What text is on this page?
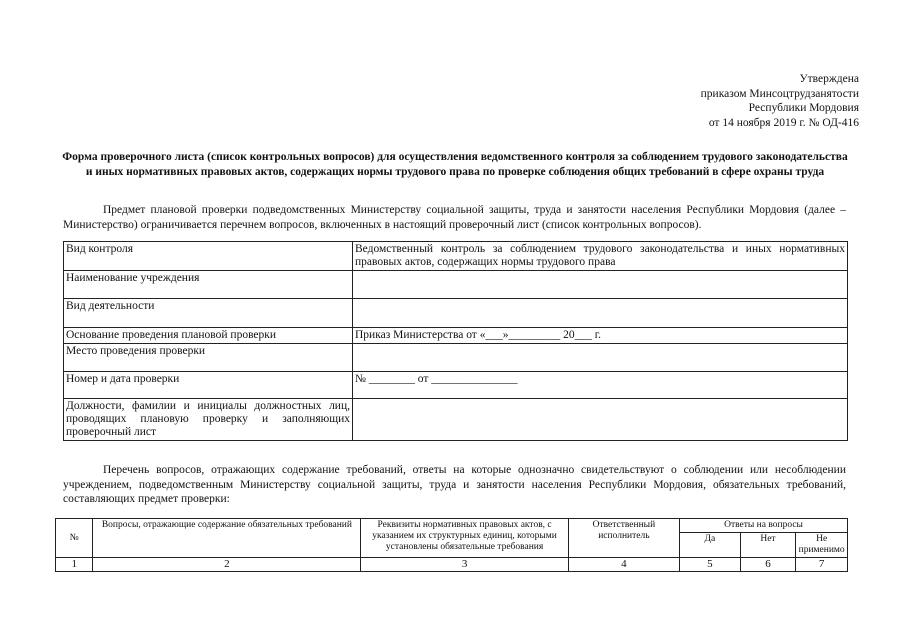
Утверждена
приказом Минсоцтрудзанятости
Республики Мордовия
от 14 ноября 2019 г. № ОД-416
Форма проверочного листа (список контрольных вопросов) для осуществления ведомственного контроля за соблюдением трудового законодательства и иных нормативных правовых актов, содержащих нормы трудового права по проверке соблюдения общих требований в сфере охраны труда
Предмет плановой проверки подведомственных Министерству социальной защиты, труда и занятости населения Республики Мордовия (далее – Министерство) ограничивается перечнем вопросов, включенных в настоящий проверочный лист (список контрольных вопросов).
Вид контроля	Ведомственный контроль за соблюдением трудового законодательства и иных нормативных правовых актов, содержащих нормы трудового права
Наименование учреждения	
Вид деятельности	
Основание проведения плановой проверки	Приказ Министерства от «___»_________ 20___ г.
Место проведения проверки	
Номер и дата проверки	№ ________ от _______________
Должности, фамилии и инициалы должностных лиц, проводящих плановую проверку и заполняющих проверочный лист	
Перечень вопросов, отражающих содержание требований, ответы на которые однозначно свидетельствуют о соблюдении или несоблюдении учреждением, подведомственным Министерству социальной защиты, труда и занятости населения Республики Мордовия, обязательных требований, составляющих предмет проверки:
№	Вопросы, отражающие содержание обязательных требований	Реквизиты нормативных правовых актов, с указанием их структурных единиц, которыми установлены обязательные требования	Ответственный исполнитель	Ответы на вопросы		
				Да	Нет	Не применимо
1	2	3	4	5	6	7
